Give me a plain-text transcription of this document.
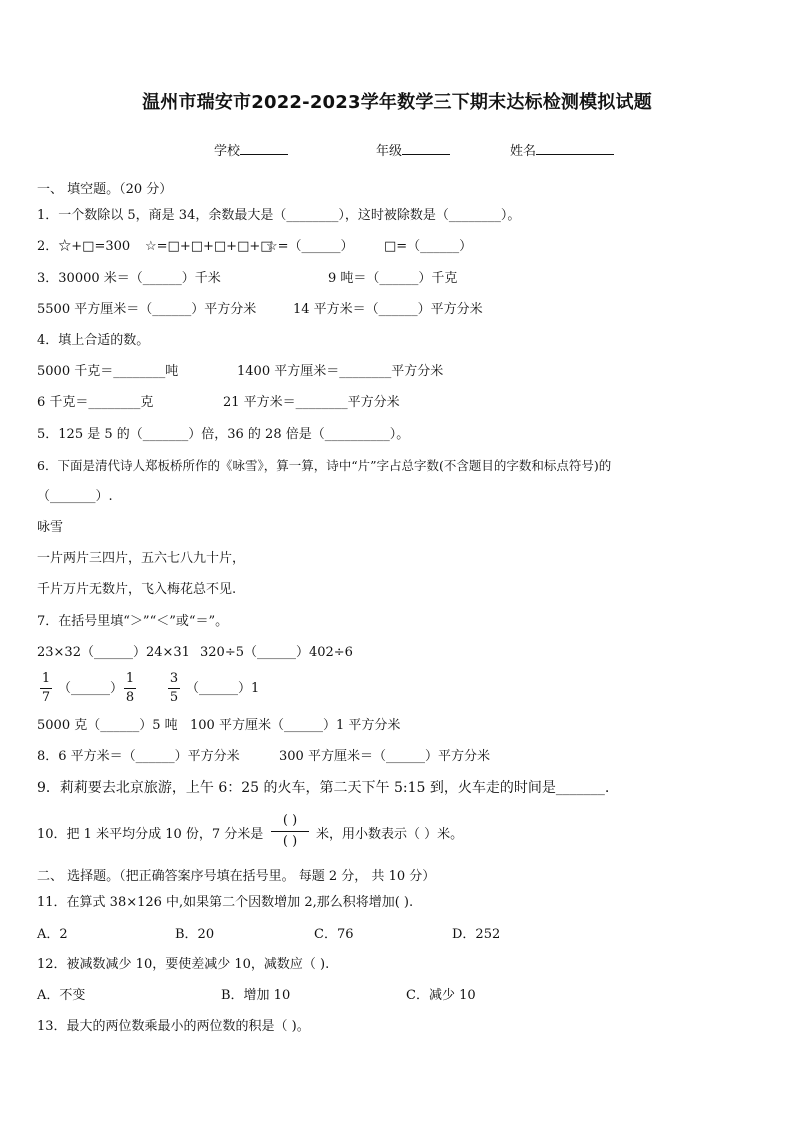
温州市瑞安市2022-2023学年数学三下期末达标检测模拟试题
学校	年级	姓名
一、 填空题。（20 分）
1．一个数除以 5，商是 34，余数最大是（________），这时被除数是（________）。
2．☆+□=300 ☆=□+□+□+□+□
☆=（______） □=（______）
3．30000 米＝（______）千米	9 吨＝（______）千克
5500 平方厘米＝（______）平方分米	14 平方米＝（______）平方分米
4．填上合适的数。
5000 千克＝________吨	1400 平方厘米＝________平方分米
6 千克＝________克	21 平方米＝________平方分米
5．125 是 5 的（_______）倍，36 的 28 倍是（__________）。
6．下面是清代诗人郑板桥所作的《咏雪》，算一算，诗中“片”字占总字数(不含题目的字数和标点符号)的
（_______）.
咏雪
一片两片三四片，五六七八九十片，
千片万片无数片，飞入梅花总不见.
7．在括号里填“＞”“＜”或“＝”。
23×32（______）24×31 320÷5（______）402÷6
1
7
（______）
1
8
3
5
（______）1
5000 克（______）5 吨 100 平方厘米（______）1 平方分米
8．6 平方米＝（______）平方分米	300 平方厘米＝（______）平方分米
9．莉莉要去北京旅游，上午 6：25 的火车，第二天下午 5:15 到，火车走的时间是_______.
10．把 1 米平均分成 10 份，7 分米是
( )
( )	米，用小数表示（ ）米。
二、 选择题。（把正确答案序号填在括号里。 每题 2 分， 共 10 分）
11．在算式 38×126 中,如果第二个因数增加 2,那么积将增加( ).
A．2	B．20	C．76	D．252
12．被减数减少 10，要使差减少 10，减数应（ ).
A．不变	B．增加 10	C．减少 10
13．最大的两位数乘最小的两位数的积是（ )。
